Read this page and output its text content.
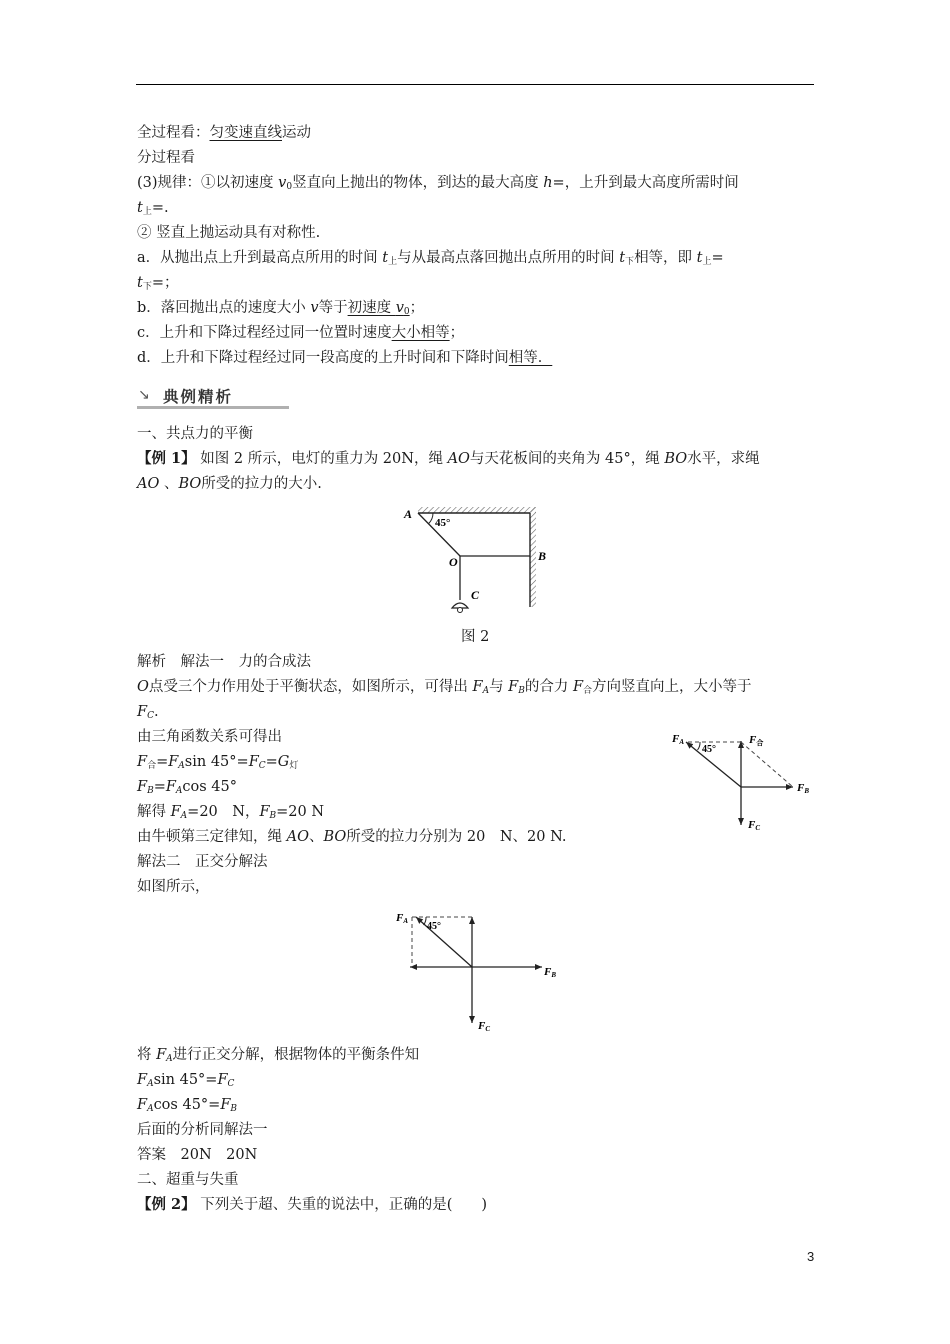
全过程看：匀变速直线运动
分过程看
(3)规律：①以初速度 $v_0$竖直向上抛出的物体，到达的最大高度 h=，上升到最大高度所需时间
$t_上=$.
② 竖直上抛运动具有对称性.
a．从抛出点上升到最高点所用的时间 $t_上$与从最高点落回抛出点所用的时间 $t_下$相等，即 $t_上=$
$t_下=$；
b．落回抛出点的速度大小 v等于初速度 $v_0$；
c．上升和下降过程经过同一位置时速度大小相等；
d．上升和下降过程经过同一段高度的上升时间和下降时间相等．
↘ 典例精析
一、共点力的平衡
【例 1】 如图 2 所示，电灯的重力为 20N，绳 AO与天花板间的夹角为 45°，绳 BO水平，求绳
AO 、BO所受的拉力的大小.
45°
A
B
O
C
图 2
解析　解法一　力的合成法
O点受三个力作用处于平衡状态，如图所示，可得出 $F_A$与 $F_B$的合力 $F_合$方向竖直向上，大小等于
$F_C$.
由三角函数关系可得出
$F_合=F_A\sin$ $45^\circ=F_C=G_灯$
$F_B=F_A\cos$ 45°
解得 $F_A=20$　N，$F_B=20$ N
由牛顿第三定律知，绳 AO、BO所受的拉力分别为 20　N、20 N.
解法二　正交分解法
如图所示，
45°
FA	F合
FB
FC
45°
FA
FB
FC
将 $F_A$进行正交分解，根据物体的平衡条件知
$F_A\sin$ $45^\circ=F_C$
$F_A\cos$ $45^\circ=F_B$
后面的分析同解法一
答案　20N　20N
二、超重与失重
【例 2】 下列关于超、失重的说法中，正确的是(　　)
3
